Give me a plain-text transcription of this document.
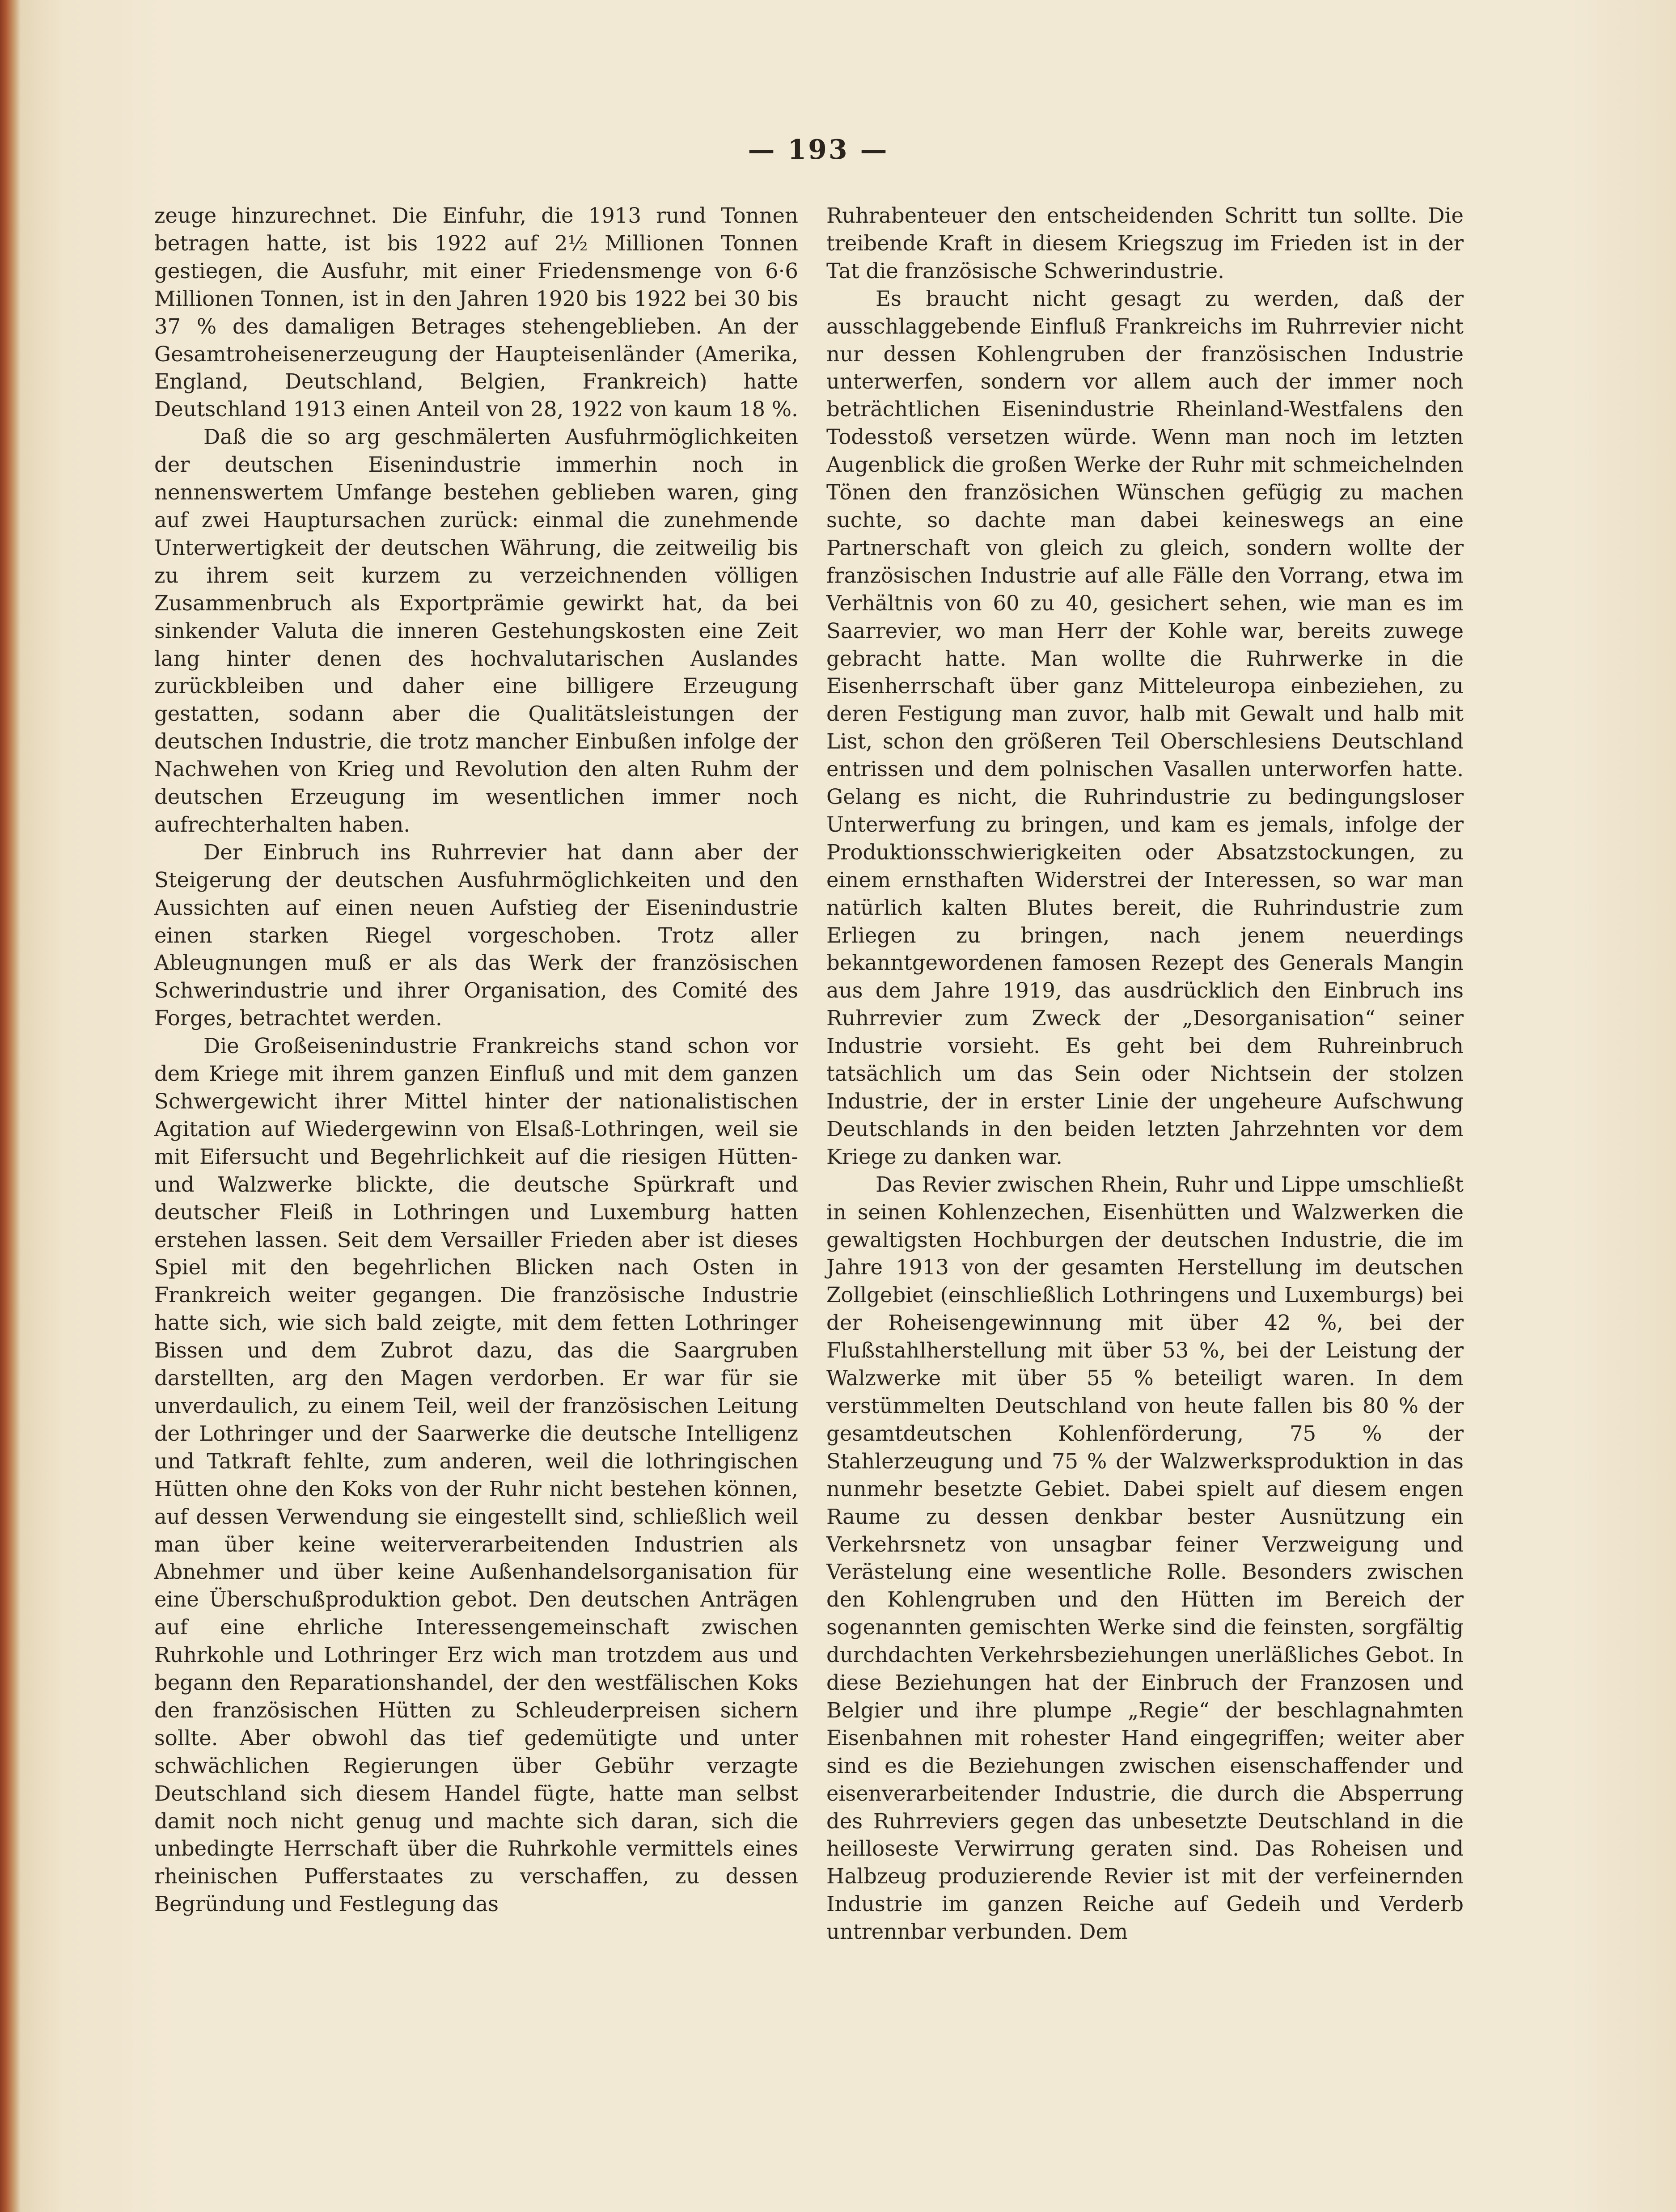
— 193 —

zeuge hinzurechnet. Die Einfuhr, die 1913 rund Tonnen betragen hatte, ist bis 1922 auf 2½ Millionen Tonnen gestiegen, die Ausfuhr, mit einer Friedensmenge von 6·6 Millionen Tonnen, ist in den Jahren 1920 bis 1922 bei 30 bis 37 % des damaligen Betrages stehengeblieben. An der Gesamtroheisenerzeugung der Haupteisenländer (Amerika, England, Deutschland, Belgien, Frankreich) hatte Deutschland 1913 einen Anteil von 28, 1922 von kaum 18 %.

Daß die so arg geschmälerten Ausfuhrmöglichkeiten der deutschen Eisenindustrie immerhin noch in nennenswertem Umfange bestehen geblieben waren, ging auf zwei Hauptursachen zurück: einmal die zunehmende Unterwertigkeit der deutschen Währung, die zeitweilig bis zu ihrem seit kurzem zu verzeichnenden völligen Zusammenbruch als Exportprämie gewirkt hat, da bei sinkender Valuta die inneren Gestehungskosten eine Zeit lang hinter denen des hochvalutarischen Auslandes zurückbleiben und daher eine billigere Erzeugung gestatten, sodann aber die Qualitätsleistungen der deutschen Industrie, die trotz mancher Einbußen infolge der Nachwehen von Krieg und Revolution den alten Ruhm der deutschen Erzeugung im wesentlichen immer noch aufrechterhalten haben.

Der Einbruch ins Ruhrrevier hat dann aber der Steigerung der deutschen Ausfuhrmöglichkeiten und den Aussichten auf einen neuen Aufstieg der Eisenindustrie einen starken Riegel vorgeschoben. Trotz aller Ableugnungen muß er als das Werk der französischen Schwerindustrie und ihrer Organisation, des Comité des Forges, betrachtet werden.

Die Großeisenindustrie Frankreichs stand schon vor dem Kriege mit ihrem ganzen Einfluß und mit dem ganzen Schwergewicht ihrer Mittel hinter der nationalistischen Agitation auf Wiedergewinn von Elsaß-Lothringen, weil sie mit Eifersucht und Begehrlichkeit auf die riesigen Hütten- und Walzwerke blickte, die deutsche Spürkraft und deutscher Fleiß in Lothringen und Luxemburg hatten erstehen lassen. Seit dem Versailler Frieden aber ist dieses Spiel mit den begehrlichen Blicken nach Osten in Frankreich weiter gegangen. Die französische Industrie hatte sich, wie sich bald zeigte, mit dem fetten Lothringer Bissen und dem Zubrot dazu, das die Saargruben darstellten, arg den Magen verdorben. Er war für sie unverdaulich, zu einem Teil, weil der französischen Leitung der Lothringer und der Saarwerke die deutsche Intelligenz und Tatkraft fehlte, zum anderen, weil die lothringischen Hütten ohne den Koks von der Ruhr nicht bestehen können, auf dessen Verwendung sie eingestellt sind, schließlich weil man über keine weiterverarbeitenden Industrien als Abnehmer und über keine Außenhandelsorganisation für eine Überschußproduktion gebot. Den deutschen Anträgen auf eine ehrliche Interessengemeinschaft zwischen Ruhrkohle und Lothringer Erz wich man trotzdem aus und begann den Reparationshandel, der den westfälischen Koks den französischen Hütten zu Schleuderpreisen sichern sollte. Aber obwohl das tief gedemütigte und unter schwächlichen Regierungen über Gebühr verzagte Deutschland sich diesem Handel fügte, hatte man selbst damit noch nicht genug und machte sich daran, sich die unbedingte Herrschaft über die Ruhrkohle vermittels eines rheinischen Pufferstaates zu verschaffen, zu dessen Begründung und Festlegung das

Ruhrabenteuer den entscheidenden Schritt tun sollte. Die treibende Kraft in diesem Kriegszug im Frieden ist in der Tat die französische Schwerindustrie.

Es braucht nicht gesagt zu werden, daß der ausschlaggebende Einfluß Frankreichs im Ruhrrevier nicht nur dessen Kohlengruben der französischen Industrie unterwerfen, sondern vor allem auch der immer noch beträchtlichen Eisenindustrie Rheinland-Westfalens den Todesstoß versetzen würde. Wenn man noch im letzten Augenblick die großen Werke der Ruhr mit schmeichelnden Tönen den französichen Wünschen gefügig zu machen suchte, so dachte man dabei keineswegs an eine Partnerschaft von gleich zu gleich, sondern wollte der französischen Industrie auf alle Fälle den Vorrang, etwa im Verhältnis von 60 zu 40, gesichert sehen, wie man es im Saarrevier, wo man Herr der Kohle war, bereits zuwege gebracht hatte. Man wollte die Ruhrwerke in die Eisenherrschaft über ganz Mitteleuropa einbeziehen, zu deren Festigung man zuvor, halb mit Gewalt und halb mit List, schon den größeren Teil Oberschlesiens Deutschland entrissen und dem polnischen Vasallen unterworfen hatte. Gelang es nicht, die Ruhrindustrie zu bedingungsloser Unterwerfung zu bringen, und kam es jemals, infolge der Produktionsschwierigkeiten oder Absatzstockungen, zu einem ernsthaften Widerstrei der Interessen, so war man natürlich kalten Blutes bereit, die Ruhrindustrie zum Erliegen zu bringen, nach jenem neuerdings bekanntgewordenen famosen Rezept des Generals Mangin aus dem Jahre 1919, das ausdrücklich den Einbruch ins Ruhrrevier zum Zweck der „Desorganisation“ seiner Industrie vorsieht. Es geht bei dem Ruhreinbruch tatsächlich um das Sein oder Nichtsein der stolzen Industrie, der in erster Linie der ungeheure Aufschwung Deutschlands in den beiden letzten Jahrzehnten vor dem Kriege zu danken war.

Das Revier zwischen Rhein, Ruhr und Lippe umschließt in seinen Kohlenzechen, Eisenhütten und Walzwerken die gewaltigsten Hochburgen der deutschen Industrie, die im Jahre 1913 von der gesamten Herstellung im deutschen Zollgebiet (einschließlich Lothringens und Luxemburgs) bei der Roheisengewinnung mit über 42 %, bei der Flußstahlherstellung mit über 53 %, bei der Leistung der Walzwerke mit über 55 % beteiligt waren. In dem verstümmelten Deutschland von heute fallen bis 80 % der gesamtdeutschen Kohlenförderung, 75 % der Stahlerzeugung und 75 % der Walzwerksproduktion in das nunmehr besetzte Gebiet. Dabei spielt auf diesem engen Raume zu dessen denkbar bester Ausnützung ein Verkehrsnetz von unsagbar feiner Verzweigung und Verästelung eine wesentliche Rolle. Besonders zwischen den Kohlengruben und den Hütten im Bereich der sogenannten gemischten Werke sind die feinsten, sorgfältig durchdachten Verkehrsbeziehungen unerläßliches Gebot. In diese Beziehungen hat der Einbruch der Franzosen und Belgier und ihre plumpe „Regie“ der beschlagnahmten Eisenbahnen mit rohester Hand eingegriffen; weiter aber sind es die Beziehungen zwischen eisenschaffender und eisenverarbeitender Industrie, die durch die Absperrung des Ruhrreviers gegen das unbesetzte Deutschland in die heilloseste Verwirrung geraten sind. Das Roheisen und Halbzeug produzierende Revier ist mit der verfeinernden Industrie im ganzen Reiche auf Gedeih und Verderb untrennbar verbunden. Dem
